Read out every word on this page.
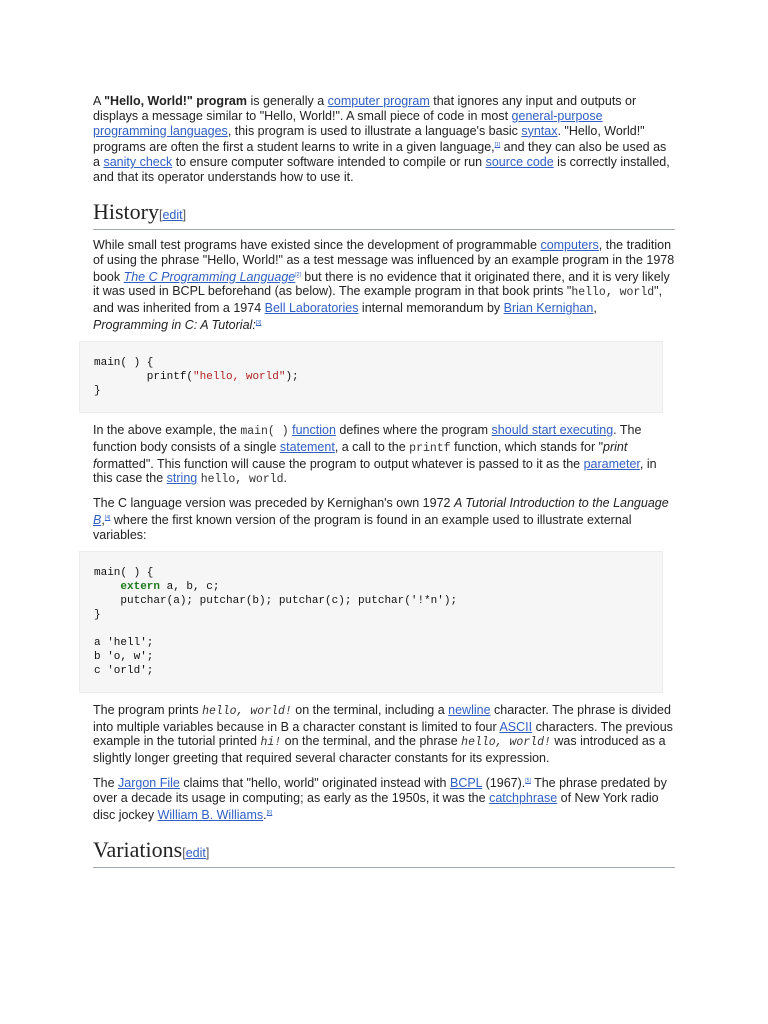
A "Hello, World!" program is generally a computer program that ignores any input and outputs or displays a message similar to "Hello, World!". A small piece of code in most general-purpose programming languages, this program is used to illustrate a language's basic syntax. "Hello, World!" programs are often the first a student learns to write in a given language,[1] and they can also be used as a sanity check to ensure computer software intended to compile or run source code is correctly installed, and that its operator understands how to use it.

History[edit]

While small test programs have existed since the development of programmable computers, the tradition of using the phrase "Hello, World!" as a test message was influenced by an example program in the 1978 book The C Programming Language[2] but there is no evidence that it originated there, and it is very likely it was used in BCPL beforehand (as below). The example program in that book prints "hello, world", and was inherited from a 1974 Bell Laboratories internal memorandum by Brian Kernighan, Programming in C: A Tutorial:[3]

main( ) {
printf("hello, world");
}

In the above example, the main( ) function defines where the program should start executing. The function body consists of a single statement, a call to the printf function, which stands for "print formatted". This function will cause the program to output whatever is passed to it as the parameter, in this case the string hello, world.

The C language version was preceded by Kernighan's own 1972 A Tutorial Introduction to the Language B,[4] where the first known version of the program is found in an example used to illustrate external variables:

main( ) {
extern a, b, c;
putchar(a); putchar(b); putchar(c); putchar('!*n');
}

a 'hell';
b 'o, w';
c 'orld';

The program prints hello, world! on the terminal, including a newline character. The phrase is divided into multiple variables because in B a character constant is limited to four ASCII characters. The previous example in the tutorial printed hi! on the terminal, and the phrase hello, world! was introduced as a slightly longer greeting that required several character constants for its expression.

The Jargon File claims that "hello, world" originated instead with BCPL (1967).[5] The phrase predated by over a decade its usage in computing; as early as the 1950s, it was the catchphrase of New York radio disc jockey William B. Williams.[6]

Variations[edit]
